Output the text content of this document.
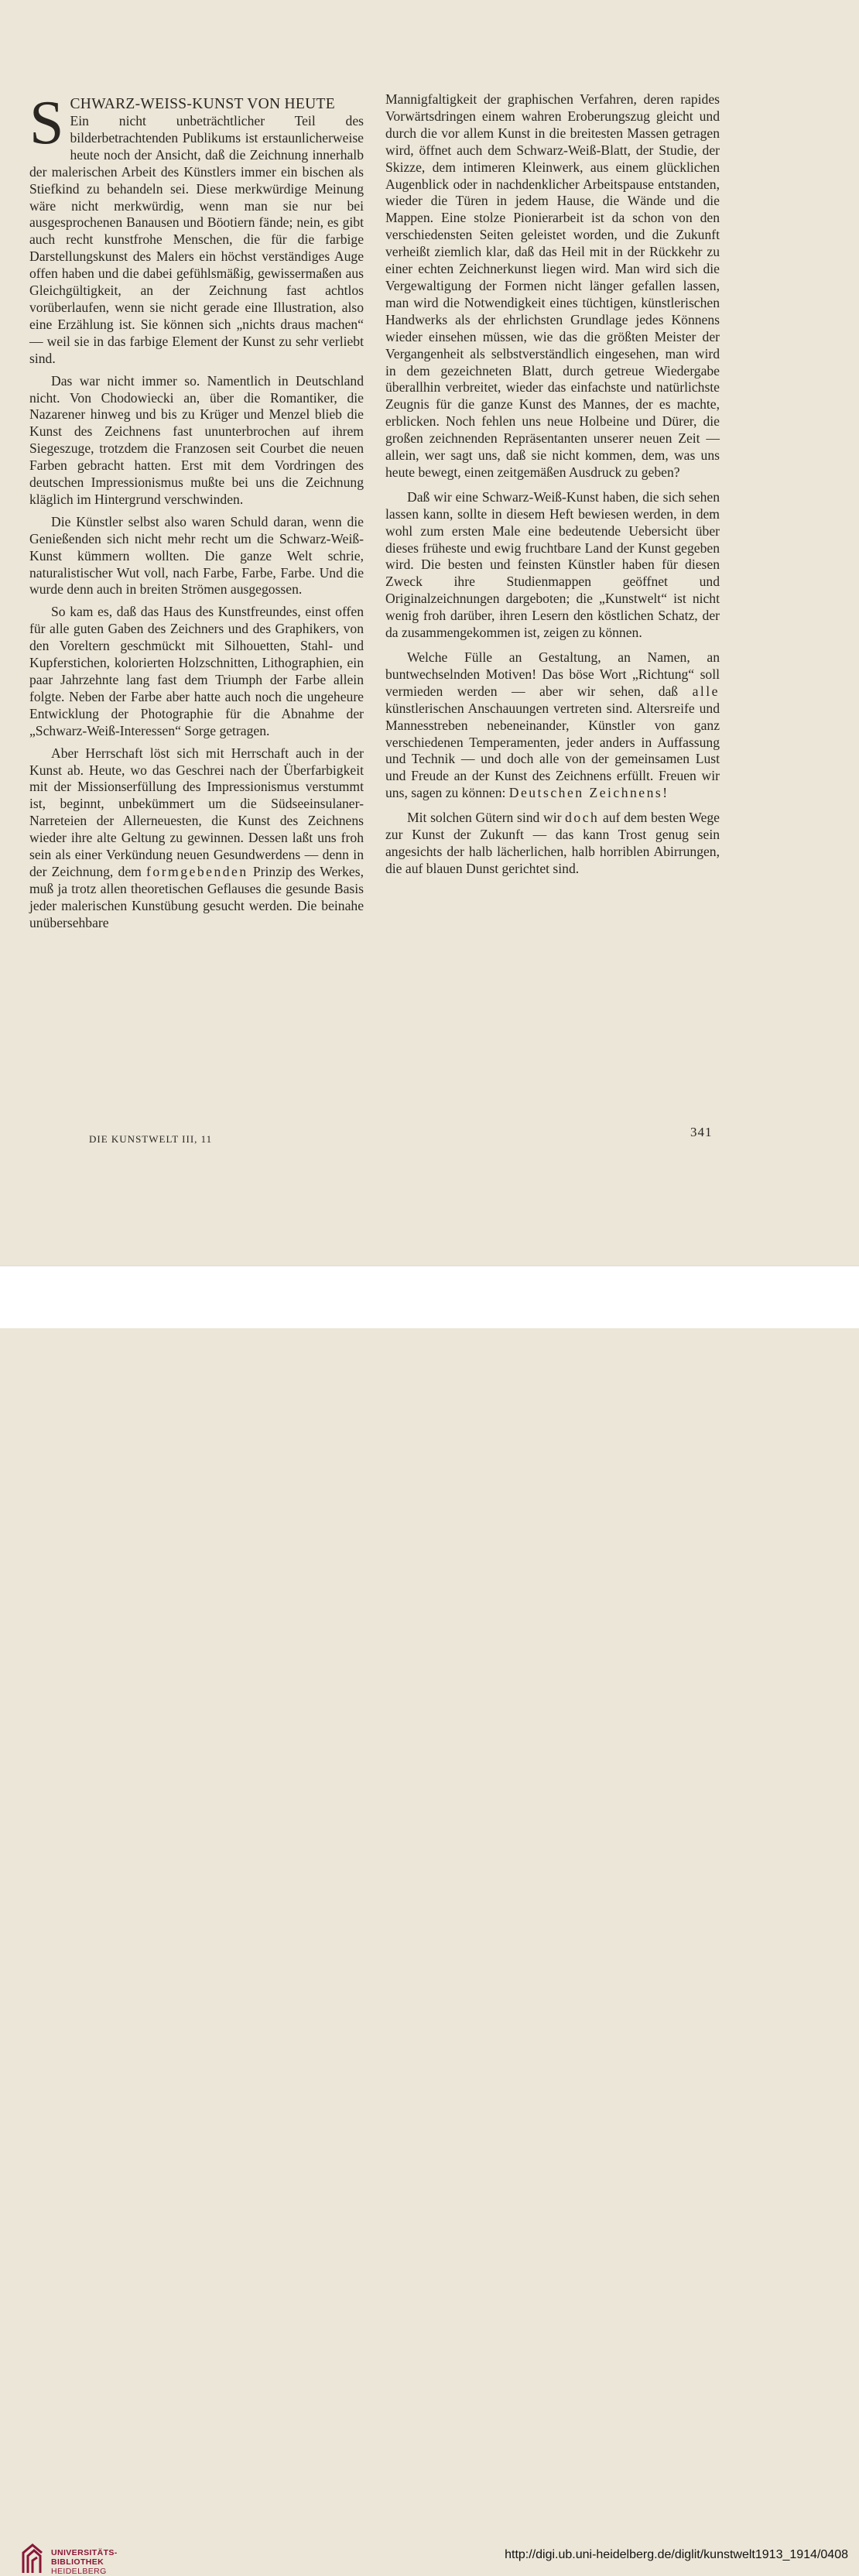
S CHWARZ-WEISS-KUNST VON HEUTE
Ein nicht unbeträchtlicher Teil des bilderbetrachtenden Publikums ist erstaunlicherweise heute noch der Ansicht, daß die Zeichnung innerhalb der malerischen Arbeit des Künstlers immer ein bischen als Stiefkind zu behandeln sei. Diese merkwürdige Meinung wäre nicht merkwürdig, wenn man sie nur bei ausgesprochenen Banausen und Böotiern fände; nein, es gibt auch recht kunstfrohe Menschen, die für die farbige Darstellungskunst des Malers ein höchst verständiges Auge offen haben und die dabei gefühlsmäßig, gewissermaßen aus Gleichgültigkeit, an der Zeichnung fast achtlos vorüberlaufen, wenn sie nicht gerade eine Illustration, also eine Erzählung ist. Sie können sich „nichts draus machen“ — weil sie in das farbige Element der Kunst zu sehr verliebt sind.

Das war nicht immer so. Namentlich in Deutschland nicht. Von Chodowiecki an, über die Romantiker, die Nazarener hinweg und bis zu Krüger und Menzel blieb die Kunst des Zeichnens fast ununterbrochen auf ihrem Siegeszuge, trotzdem die Franzosen seit Courbet die neuen Farben gebracht hatten. Erst mit dem Vordringen des deutschen Impressionismus mußte bei uns die Zeichnung kläglich im Hintergrund verschwinden.

Die Künstler selbst also waren Schuld daran, wenn die Genießenden sich nicht mehr recht um die Schwarz-Weiß-Kunst kümmern wollten. Die ganze Welt schrie, naturalistischer Wut voll, nach Farbe, Farbe, Farbe. Und die wurde denn auch in breiten Strömen ausgegossen.

So kam es, daß das Haus des Kunstfreundes, einst offen für alle guten Gaben des Zeichners und des Graphikers, von den Voreltern geschmückt mit Silhouetten, Stahl- und Kupferstichen, kolorierten Holzschnitten, Lithographien, ein paar Jahrzehnte lang fast dem Triumph der Farbe allein folgte. Neben der Farbe aber hatte auch noch die ungeheure Entwicklung der Photographie für die Abnahme der „Schwarz-Weiß-Interessen“ Sorge getragen.

Aber Herrschaft löst sich mit Herrschaft auch in der Kunst ab. Heute, wo das Geschrei nach der Überfarbigkeit mit der Missionserfüllung des Impressionismus verstummt ist, beginnt, unbekümmert um die Südseeinsulaner-Narreteien der Allerneuesten, die Kunst des Zeichnens wieder ihre alte Geltung zu gewinnen. Dessen laßt uns froh sein als einer Verkündung neuen Gesundwerdens — denn in der Zeichnung, dem formgebenden Prinzip des Werkes, muß ja trotz allen theoretischen Geflauses die gesunde Basis jeder malerischen Kunstübung gesucht werden. Die beinahe unübersehbare

Mannigfaltigkeit der graphischen Verfahren, deren rapides Vorwärtsdringen einem wahren Eroberungszug gleicht und durch die vor allem Kunst in die breitesten Massen getragen wird, öffnet auch dem Schwarz-Weiß-Blatt, der Studie, der Skizze, dem intimeren Kleinwerk, aus einem glücklichen Augenblick oder in nachdenklicher Arbeitspause entstanden, wieder die Türen in jedem Hause, die Wände und die Mappen. Eine stolze Pionierarbeit ist da schon von den verschiedensten Seiten geleistet worden, und die Zukunft verheißt ziemlich klar, daß das Heil mit in der Rückkehr zu einer echten Zeichnerkunst liegen wird. Man wird sich die Vergewaltigung der Formen nicht länger gefallen lassen, man wird die Notwendigkeit eines tüchtigen, künstlerischen Handwerks als der ehrlichsten Grundlage jedes Könnens wieder einsehen müssen, wie das die größten Meister der Vergangenheit als selbstverständlich eingesehen, man wird in dem gezeichneten Blatt, durch getreue Wiedergabe überallhin verbreitet, wieder das einfachste und natürlichste Zeugnis für die ganze Kunst des Mannes, der es machte, erblicken. Noch fehlen uns neue Holbeine und Dürer, die großen zeichnenden Repräsentanten unserer neuen Zeit — allein, wer sagt uns, daß sie nicht kommen, dem, was uns heute bewegt, einen zeitgemäßen Ausdruck zu geben?

Daß wir eine Schwarz-Weiß-Kunst haben, die sich sehen lassen kann, sollte in diesem Heft bewiesen werden, in dem wohl zum ersten Male eine bedeutende Uebersicht über dieses früheste und ewig fruchtbare Land der Kunst gegeben wird. Die besten und feinsten Künstler haben für diesen Zweck ihre Studienmappen geöffnet und Originalzeichnungen dargeboten; die „Kunstwelt“ ist nicht wenig froh darüber, ihren Lesern den köstlichen Schatz, der da zusammengekommen ist, zeigen zu können.

Welche Fülle an Gestaltung, an Namen, an buntwechselnden Motiven! Das böse Wort „Richtung“ soll vermieden werden — aber wir sehen, daß alle künstlerischen Anschauungen vertreten sind. Altersreife und Mannesstreben nebeneinander, Künstler von ganz verschiedenen Temperamenten, jeder anders in Auffassung und Technik — und doch alle von der gemeinsamen Lust und Freude an der Kunst des Zeichnens erfüllt. Freuen wir uns, sagen zu können: Deutschen Zeichnens!

Mit solchen Gütern sind wir doch auf dem besten Wege zur Kunst der Zukunft — das kann Trost genug sein angesichts der halb lächerlichen, halb horriblen Abirrungen, die auf blauen Dunst gerichtet sind.

DIE KUNSTWELT III, 11	341
UNIVERSITÄTS-
BIBLIOTHEK
HEIDELBERG
http://digi.ub.uni-heidelberg.de/diglit/kunstwelt1913_1914/0408
